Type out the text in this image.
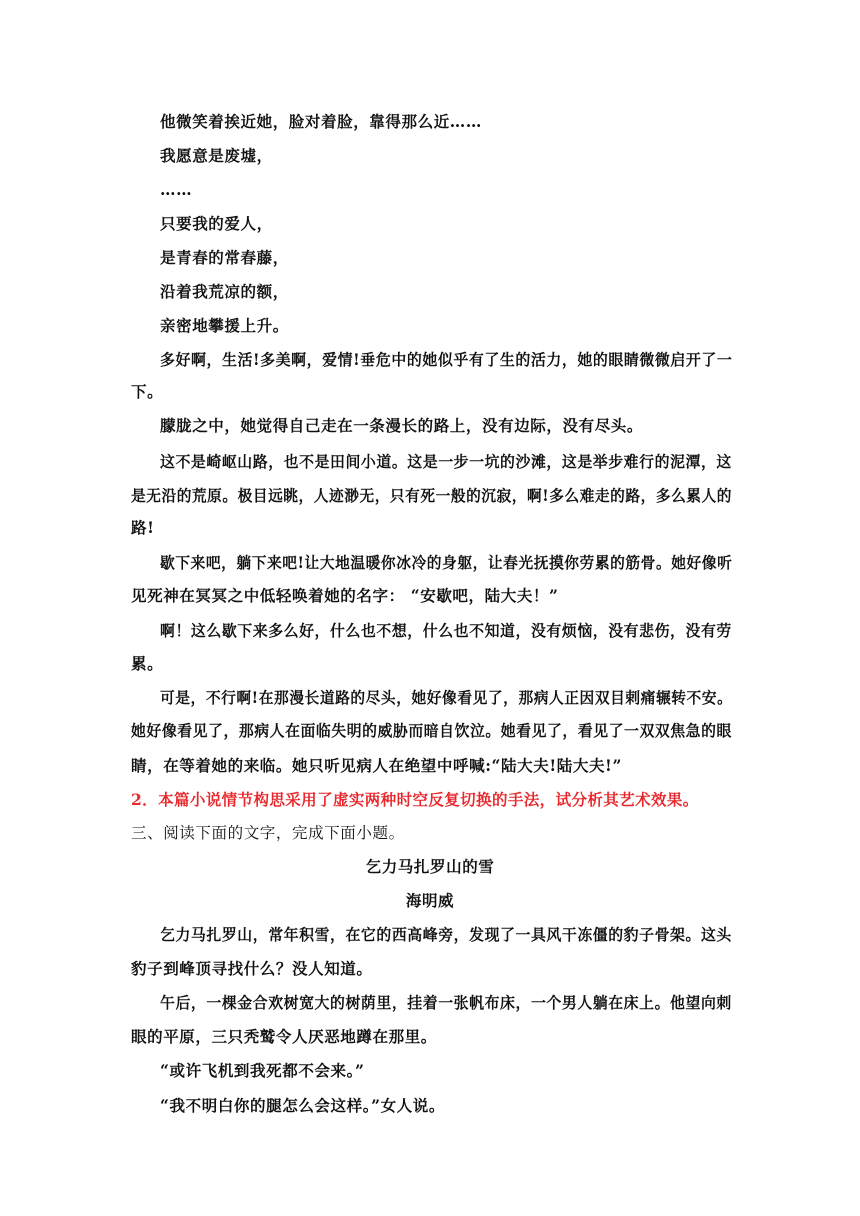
他微笑着挨近她，脸对着脸，靠得那么近……

我愿意是废墟，

……

只要我的爱人，

是青春的常春藤，

沿着我荒凉的额，

亲密地攀援上升。

多好啊，生活!多美啊，爱情!垂危中的她似乎有了生的活力，她的眼睛微微启开了一

下。

朦胧之中，她觉得自己走在一条漫长的路上，没有边际，没有尽头。

这不是崎岖山路，也不是田间小道。这是一步一坑的沙滩，这是举步难行的泥潭，这

是无沿的荒原。极目远眺，人迹渺无，只有死一般的沉寂，啊!多么难走的路，多么累人的

路!

歇下来吧，躺下来吧!让大地温暖你冰冷的身躯，让春光抚摸你劳累的筋骨。她好像听

见死神在冥冥之中低轻唤着她的名字： “安歇吧，陆大夫！”

啊！这么歇下来多么好，什么也不想，什么也不知道，没有烦恼，没有悲伤，没有劳

累。

可是，不行啊!在那漫长道路的尽头，她好像看见了，那病人正因双目剌痛辗转不安。

她好像看见了，那病人在面临失明的威胁而暗自饮泣。她看见了，看见了一双双焦急的眼

睛，在等着她的来临。她只听见病人在绝望中呼喊:“陆大夫!陆大夫!”

2．本篇小说情节构思采用了虚实两种时空反复切换的手法，试分析其艺术效果。

三、阅读下面的文字，完成下面小题。

乞力马扎罗山的雪

海明威

乞力马扎罗山，常年积雪，在它的西高峰旁，发现了一具风干冻僵的豹子骨架。这头

豹子到峰顶寻找什么？没人知道。

午后，一棵金合欢树宽大的树荫里，挂着一张帆布床，一个男人躺在床上。他望向刺

眼的平原，三只秃鹫令人厌恶地蹲在那里。

“或许飞机到我死都不会来。”

“我不明白你的腿怎么会这样。”女人说。
